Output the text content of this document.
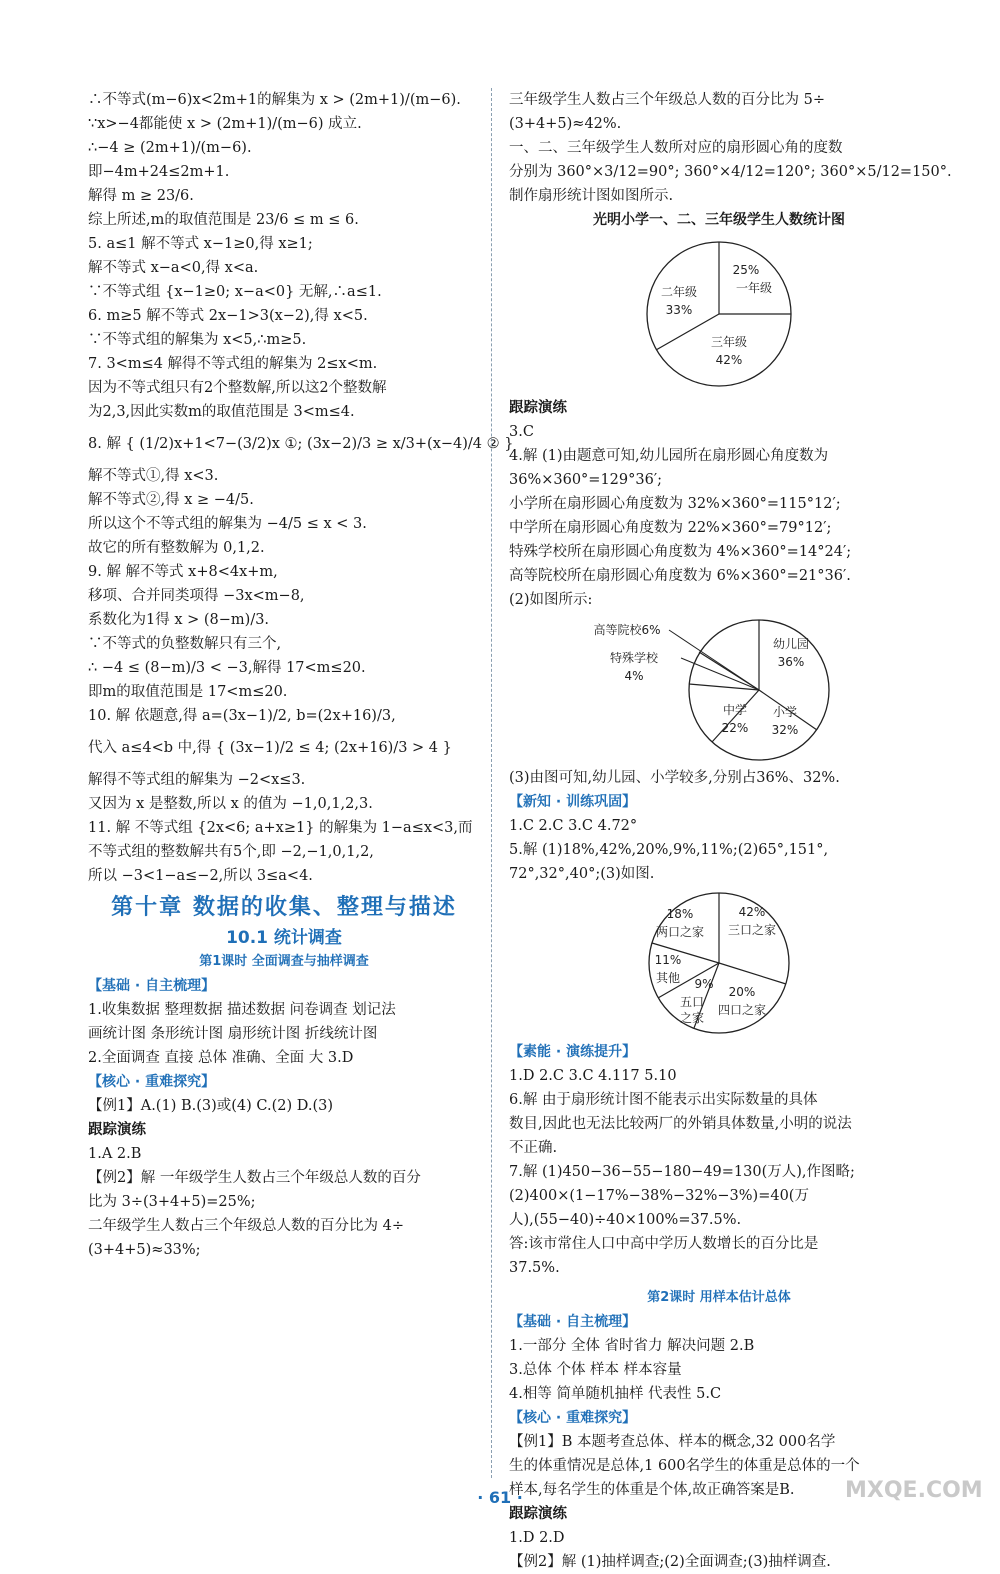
∴不等式(m−6)x<2m+1的解集为 x > (2m+1)/(m−6).
∵x>−4都能使 x > (2m+1)/(m−6) 成立.
∴−4 ≥ (2m+1)/(m−6).
即−4m+24≤2m+1.
解得 m ≥ 23/6.
综上所述,m的取值范围是 23/6 ≤ m ≤ 6.
5. a≤1 解不等式 x−1≥0,得 x≥1;
解不等式 x−a<0,得 x<a.
∵不等式组 {x−1≥0; x−a<0} 无解,∴a≤1.
6. m≥5 解不等式 2x−1>3(x−2),得 x<5.
∵不等式组的解集为 x<5,∴m≥5.
7. 3<m≤4 解得不等式组的解集为 2≤x<m.
因为不等式组只有2个整数解,所以这2个整数解
为2,3,因此实数m的取值范围是 3<m≤4.
8. 解 { (1/2)x+1<7−(3/2)x ①; (3x−2)/3 ≥ x/3+(x−4)/4 ② }
解不等式①,得 x<3.
解不等式②,得 x ≥ −4/5.
所以这个不等式组的解集为 −4/5 ≤ x < 3.
故它的所有整数解为 0,1,2.
9. 解 解不等式 x+8<4x+m,
移项、合并同类项得 −3x<m−8,
系数化为1得 x > (8−m)/3.
∵不等式的负整数解只有三个,
∴ −4 ≤ (8−m)/3 < −3,解得 17<m≤20.
即m的取值范围是 17<m≤20.
10. 解 依题意,得 a=(3x−1)/2, b=(2x+16)/3,
代入 a≤4<b 中,得 { (3x−1)/2 ≤ 4; (2x+16)/3 > 4 }
解得不等式组的解集为 −2<x≤3.
又因为 x 是整数,所以 x 的值为 −1,0,1,2,3.
11. 解 不等式组 {2x<6; a+x≥1} 的解集为 1−a≤x<3,而
不等式组的整数解共有5个,即 −2,−1,0,1,2,
所以 −3<1−a≤−2,所以 3≤a<4.
第十章 数据的收集、整理与描述
10.1 统计调查
第1课时 全面调查与抽样调查
【基础 · 自主梳理】
1.收集数据 整理数据 描述数据 问卷调查 划记法
画统计图 条形统计图 扇形统计图 折线统计图
2.全面调查 直接 总体 准确、全面 大 3.D
【核心 · 重难探究】
【例1】A.(1) B.(3)或(4) C.(2) D.(3)
跟踪演练
1.A 2.B
【例2】解 一年级学生人数占三个年级总人数的百分
比为 3÷(3+4+5)=25%;
二年级学生人数占三个年级总人数的百分比为 4÷
(3+4+5)≈33%;
三年级学生人数占三个年级总人数的百分比为 5÷
(3+4+5)≈42%.
一、二、三年级学生人数所对应的扇形圆心角的度数
分别为 360°×3/12=90°; 360°×4/12=120°; 360°×5/12=150°.
制作扇形统计图如图所示.
光明小学一、二、三年级学生人数统计图
25%
一年级
二年级
33%
三年级
42%
跟踪演练
3.C
4.解 (1)由题意可知,幼儿园所在扇形圆心角度数为
36%×360°=129°36′;
小学所在扇形圆心角度数为 32%×360°=115°12′;
中学所在扇形圆心角度数为 22%×360°=79°12′;
特殊学校所在扇形圆心角度数为 4%×360°=14°24′;
高等院校所在扇形圆心角度数为 6%×360°=21°36′.
(2)如图所示:
高等院校6%
特殊学校
4%
幼儿园
36%
中学
22%
小学
32%
(3)由图可知,幼儿园、小学较多,分别占36%、32%.
【新知 · 训练巩固】
1.C 2.C 3.C 4.72°
5.解 (1)18%,42%,20%,9%,11%;(2)65°,151°,
72°,32°,40°;(3)如图.
18%
两口之家
42%
三口之家
11%
其他 9%
五口
之家
20%
四口之家
【素能 · 演练提升】
1.D 2.C 3.C 4.117 5.10
6.解 由于扇形统计图不能表示出实际数量的具体
数目,因此也无法比较两厂的外销具体数量,小明的说法
不正确.
7.解 (1)450−36−55−180−49=130(万人),作图略;
(2)400×(1−17%−38%−32%−3%)=40(万
人),(55−40)÷40×100%=37.5%.
答:该市常住人口中高中学历人数增长的百分比是
37.5%.
第2课时 用样本估计总体
【基础 · 自主梳理】
1.一部分 全体 省时省力 解决问题 2.B
3.总体 个体 样本 样本容量
4.相等 简单随机抽样 代表性 5.C
【核心 · 重难探究】
【例1】B 本题考查总体、样本的概念,32 000名学
生的体重情况是总体,1 600名学生的体重是总体的一个
样本,每名学生的体重是个体,故正确答案是B.
跟踪演练
1.D 2.D
【例2】解 (1)抽样调查;(2)全面调查;(3)抽样调查.
· 61 ·	MXQE.COM
